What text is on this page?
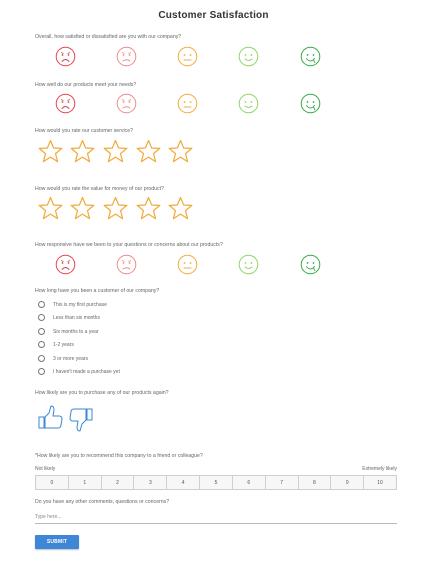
Customer Satisfaction
Overall, how satisfied or dissatisfied are you with our company?
How well do our products meet your needs?
How would you rate our customer service?
How would you rate the value for money of our product?
How responsive have we been to your questions or concerns about our products?
How long have you been a customer of our company?
This is my first purchase
Less than six months
Six months to a year
1-2 years
3 or more years
I haven't made a purchase yet
How likely are you to purchase any of our products again?
*How likely are you to recommend this company to a friend or colleague?
Not likely	Extremely likely
0	1	2	3	4	5	6	7	8	9	10
Do you have any other comments, questions or concerns?
Type here...
SUBMIT
